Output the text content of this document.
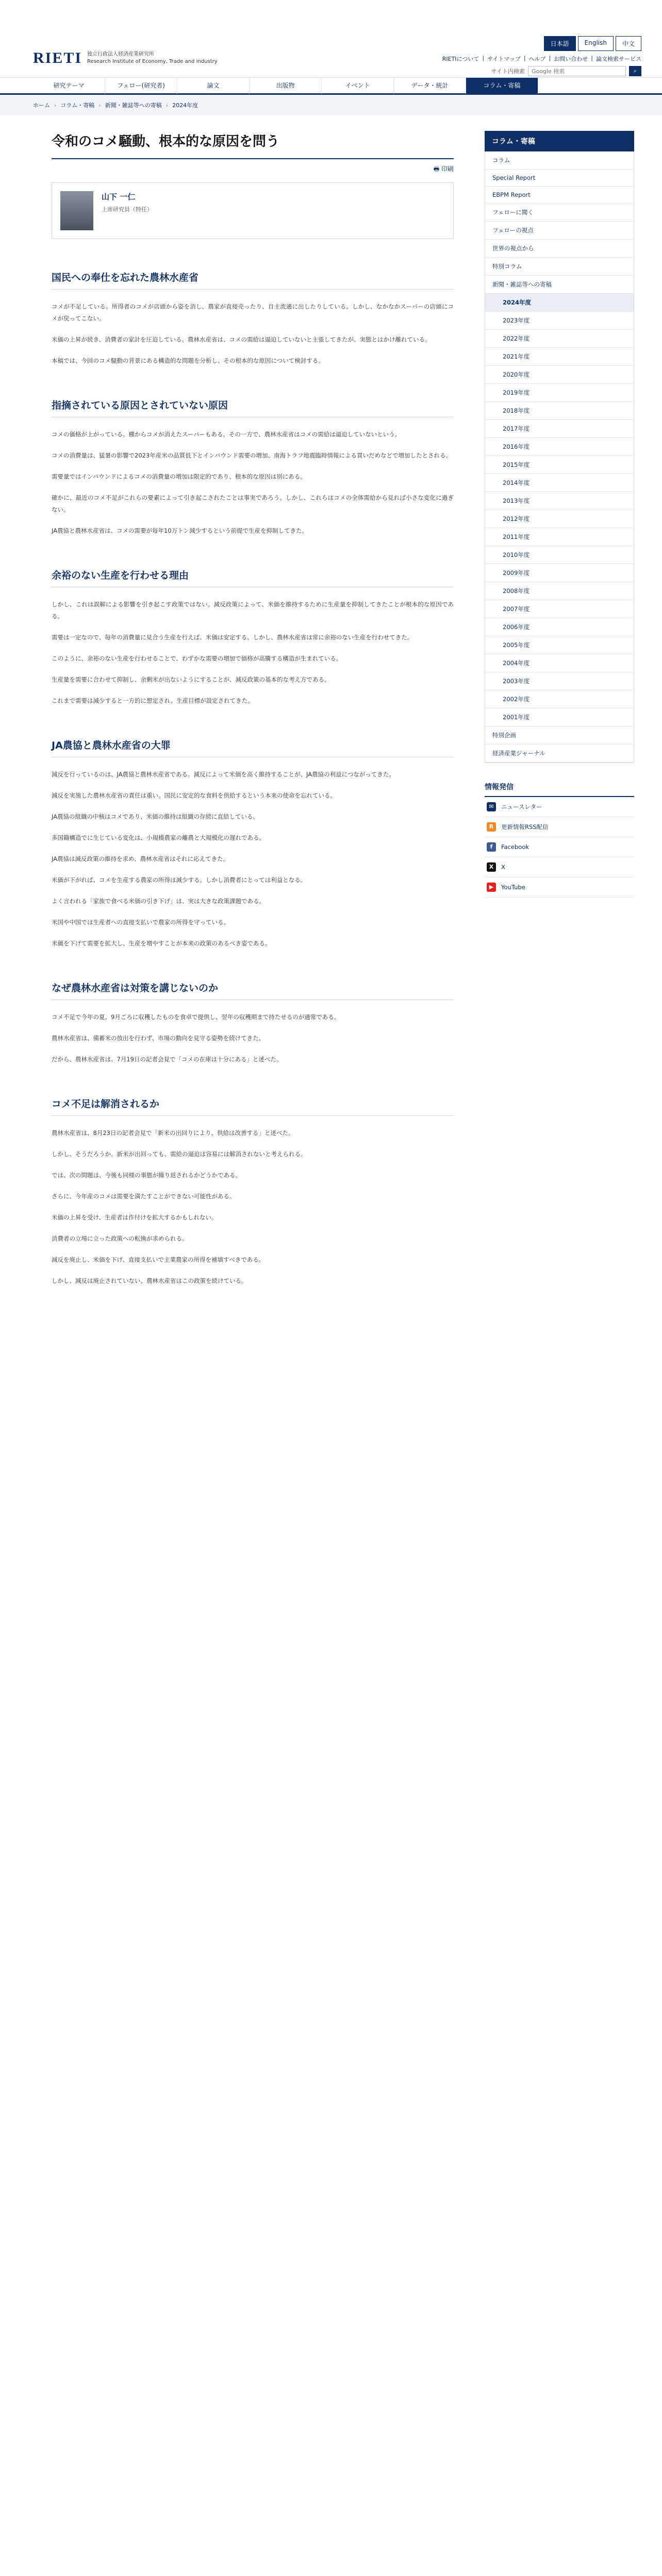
RIETI 独立行政法人経済産業研究所
Research Institute of Economy, Trade and Industry
日本語	English	中文
RIETIについて | サイトマップ | ヘルプ | お問い合わせ | 論文検索サービス
サイト内検索
Google 検索	⌕
研究テーマ	フェロー(研究者)	論文	出版物	イベント	データ・統計	コラム・寄稿
ホーム › コラム・寄稿 › 新聞・雑誌等への寄稿 › 2024年度
令和のコメ騒動、根本的な原因を問う
🖶 印刷
山下 一仁
上席研究員（特任）
国民への奉仕を忘れた農林水産省

コメが不足している。所得者のコメが店頭から姿を消し、農家が直接売ったり、自主流通に出したりしている。しかし、なかなかスーパーの店頭にコメが戻ってこない。

米価の上昇が続き、消費者の家計を圧迫している。農林水産省は、コメの需給は逼迫していないと主張してきたが、実態とはかけ離れている。

本稿では、今回のコメ騒動の背景にある構造的な問題を分析し、その根本的な原因について検討する。

指摘されている原因とされていない原因

コメの価格が上がっている。棚からコメが消えたスーパーもある。その一方で、農林水産省はコメの需給は逼迫していないという。

コメの消費量は、猛暑の影響で2023年産米の品質低下とインバウンド需要の増加、南海トラフ地震臨時情報による買いだめなどで増加したとされる。

需要量ではインバウンドによるコメの消費量の増加は限定的であり、根本的な原因は別にある。

確かに、最近のコメ不足がこれらの要素によって引き起こされたことは事実であろう。しかし、これらはコメの全体需給から見れば小さな変化に過ぎない。

JA農協と農林水産省は、コメの需要が毎年10万トン減少するという前提で生産を抑制してきた。

余裕のない生産を行わせる理由

しかし、これは誤解による影響を引き起こす政策ではない。減反政策によって、米価を維持するために生産量を抑制してきたことが根本的な原因である。

需要は一定なので、毎年の消費量に見合う生産を行えば、米価は安定する。しかし、農林水産省は常に余裕のない生産を行わせてきた。

このように、余裕のない生産を行わせることで、わずかな需要の増加で価格が高騰する構造が生まれている。

生産量を需要に合わせて抑制し、余剰米が出ないようにすることが、減反政策の基本的な考え方である。

これまで需要は減少すると一方的に想定され、生産目標が設定されてきた。

JA農協と農林水産省の大罪

減反を行っているのは、JA農協と農林水産省である。減反によって米価を高く維持することが、JA農協の利益につながってきた。

減反を実施した農林水産省の責任は重い。国民に安定的な食料を供給するという本来の使命を忘れている。

JA農協の組織の中核はコメであり、米価の維持は組織の存続に直結している。

多国籍構造でに生じている変化は、小規模農家の離農と大規模化の遅れである。

JA農協は減反政策の維持を求め、農林水産省はそれに応えてきた。

米価が下がれば、コメを生産する農家の所得は減少する。しかし消費者にとっては利益となる。

よく言われる「家族で食べる米価の引き下げ」は、実は大きな政策課題である。

米国や中国では生産者への直接支払いで農家の所得を守っている。

米価を下げて需要を拡大し、生産を増やすことが本来の政策のあるべき姿である。

なぜ農林水産省は対策を講じないのか

コメ不足で今年の夏、9月ごろに収穫したものを食卓で提供し、翌年の収穫期まで持たせるのが通常である。

農林水産省は、備蓄米の放出を行わず、市場の動向を見守る姿勢を続けてきた。

だから、農林水産省は、7月19日の記者会見で「コメの在庫は十分にある」と述べた。

コメ不足は解消されるか

農林水産省は、8月23日の記者会見で「新米の出回りにより、供給は改善する」と述べた。

しかし、そうだろうか。新米が出回っても、需給の逼迫は容易には解消されないと考えられる。

では、次の問題は、今後も同様の事態が繰り返されるかどうかである。

さらに、今年産のコメは需要を満たすことができない可能性がある。

米価の上昇を受け、生産者は作付けを拡大するかもしれない。

消費者の立場に立った政策への転換が求められる。

減反を廃止し、米価を下げ、直接支払いで主業農家の所得を補填すべきである。

しかし、減反は廃止されていない。農林水産省はこの政策を続けている。

コラム・寄稿
コラム
Special Report
EBPM Report
フェローに聞く
フェローの視点
世界の視点から
特別コラム
新聞・雑誌等への寄稿
2024年度
2023年度
2022年度
2021年度
2020年度
2019年度
2018年度
2017年度
2016年度
2015年度
2014年度
2013年度
2012年度
2011年度
2010年度
2009年度
2008年度
2007年度
2006年度
2005年度
2004年度
2003年度
2002年度
2001年度
特別企画
経済産業ジャーナル
情報発信
✉	ニュースレター
R	更新情報RSS配信
f	Facebook
X	X
▶	YouTube
